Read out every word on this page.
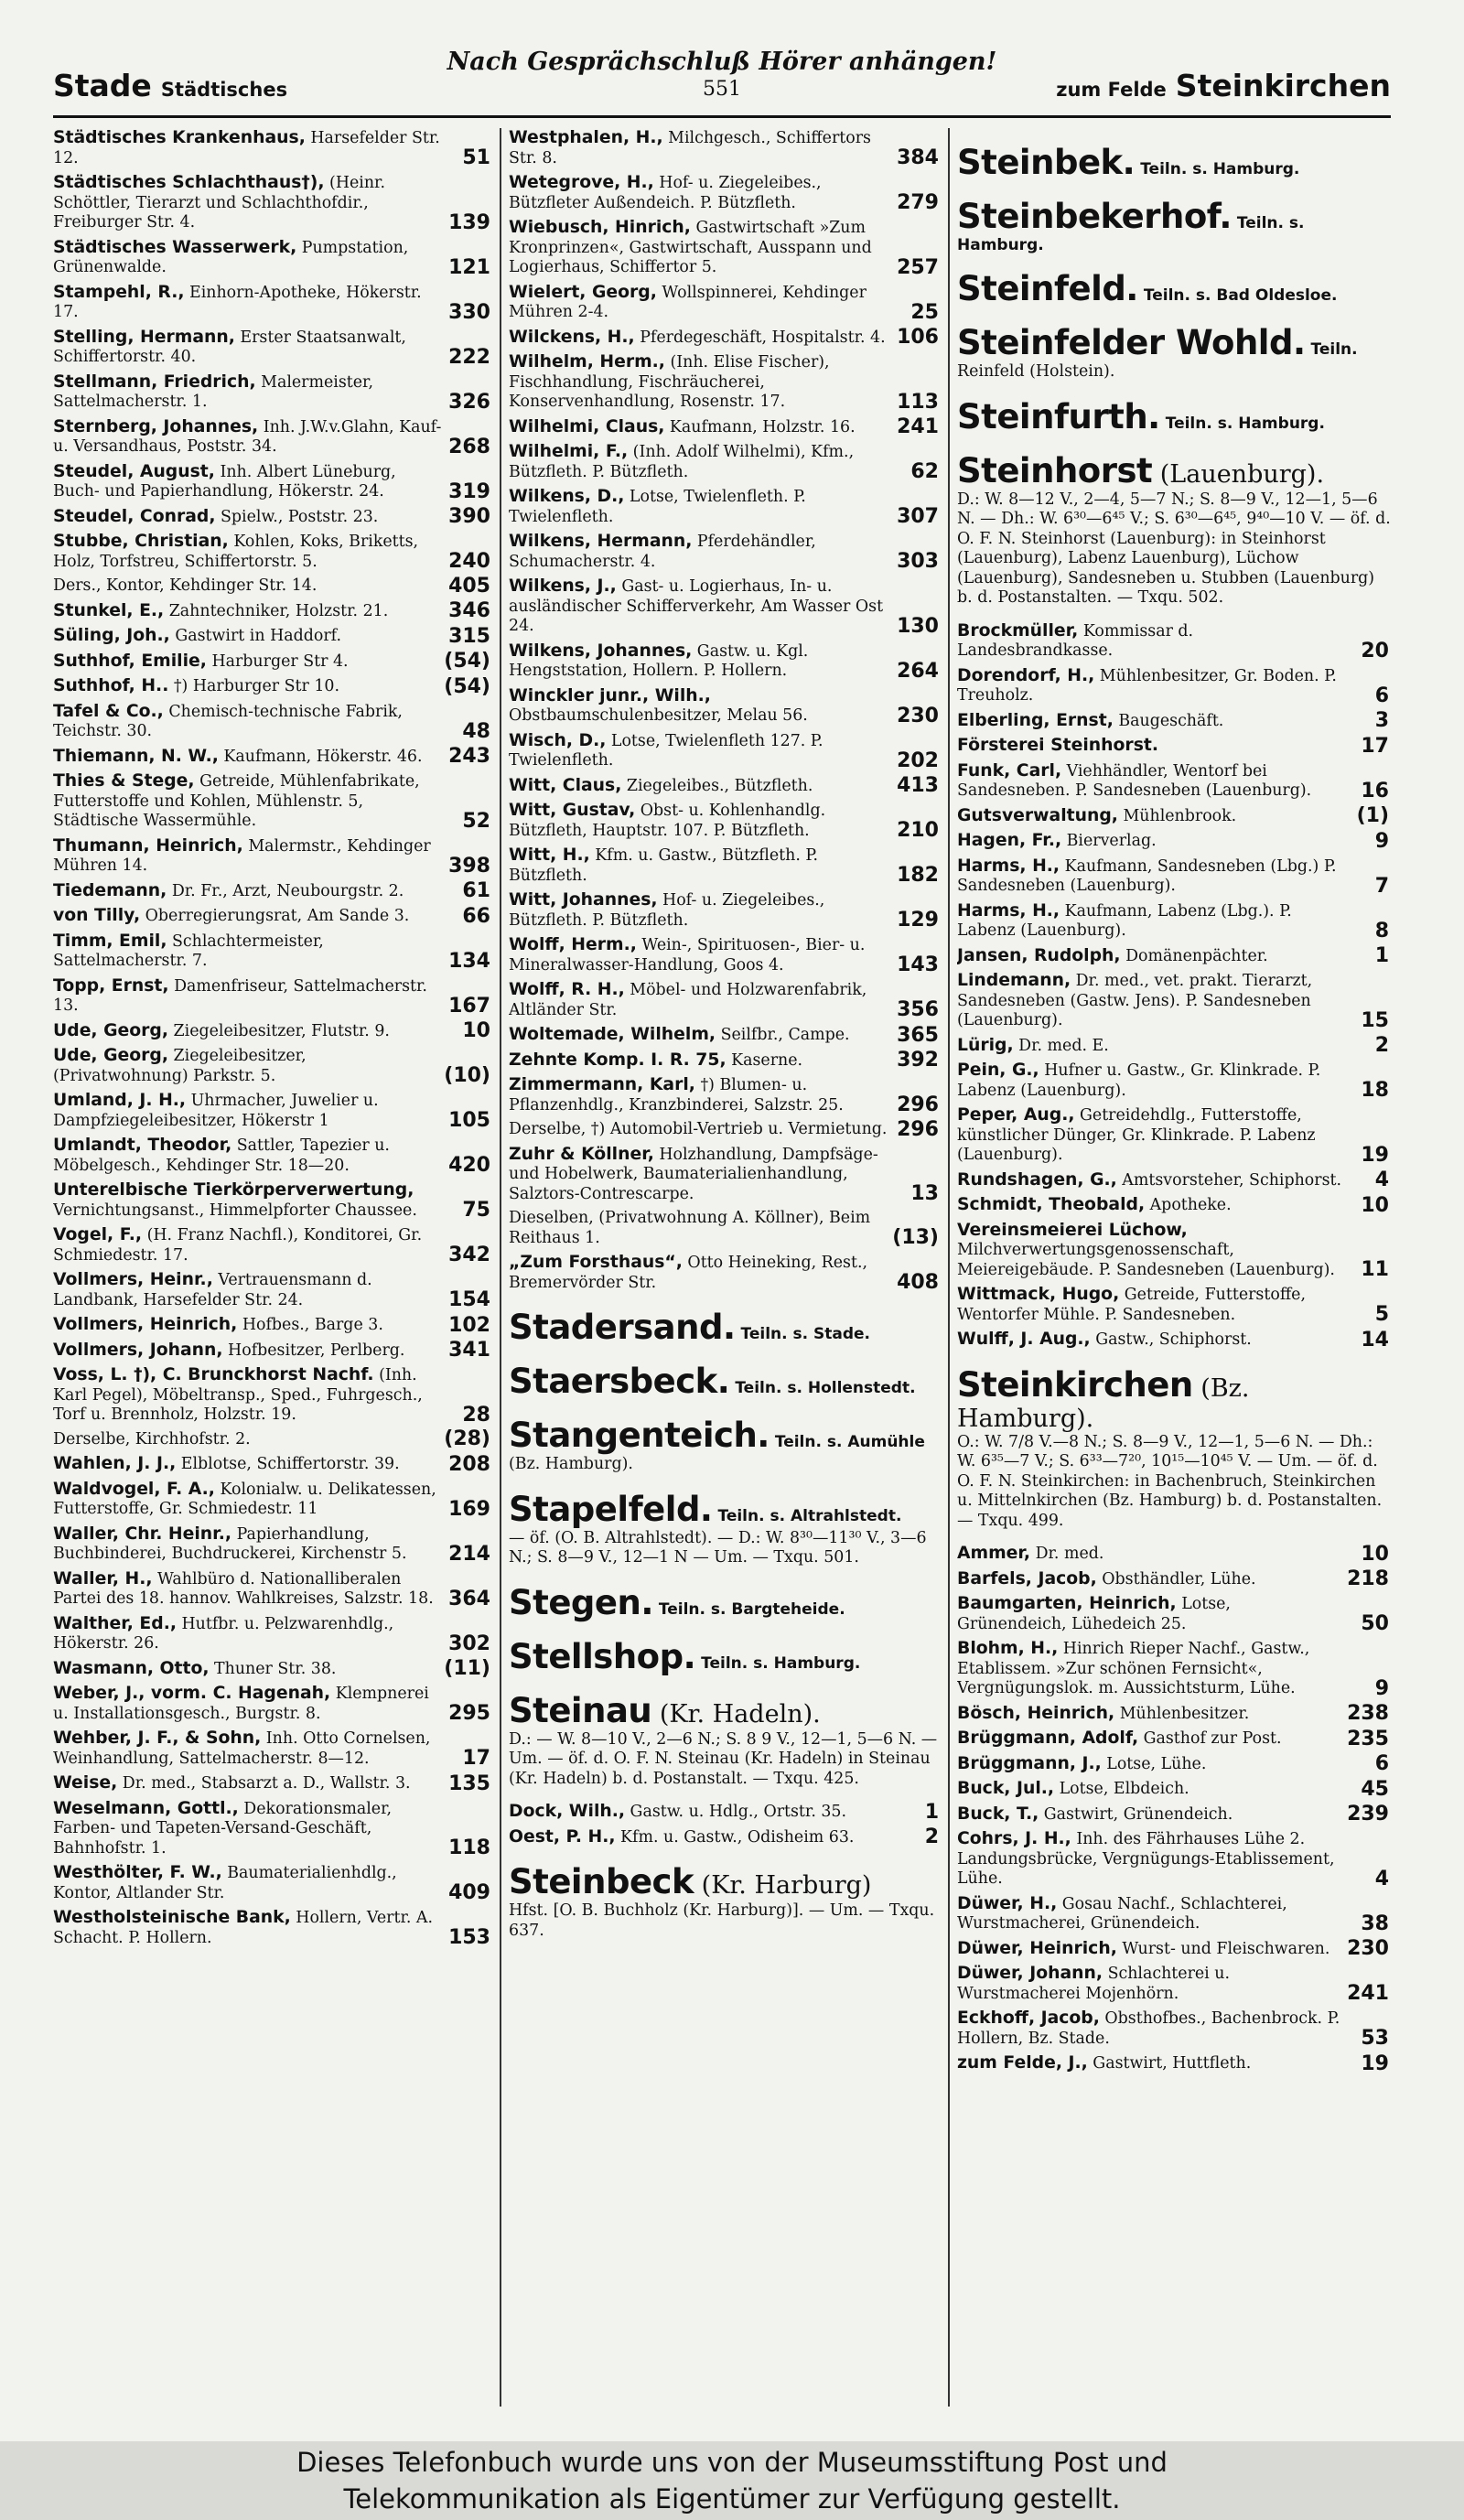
Stade Städtisches
Nach Gesprächschluß Hörer anhängen!
551	zum Felde Steinkirchen
Städtisches Krankenhaus, Harsefelder Str. 12.	51
Städtisches Schlachthaus†), (Heinr. Schöttler, Tierarzt und Schlachthofdir., Freiburger Str. 4.	139
Städtisches Wasserwerk, Pumpstation, Grünenwalde.	121
Stampehl, R., Einhorn-Apotheke, Hökerstr. 17.	330
Stelling, Hermann, Erster Staatsanwalt, Schiffertorstr. 40.	222
Stellmann, Friedrich, Malermeister, Sattelmacherstr. 1.	326
Sternberg, Johannes, Inh. J.W.v.Glahn, Kauf- u. Versandhaus, Poststr. 34.	268
Steudel, August, Inh. Albert Lüneburg, Buch- und Papierhandlung, Hökerstr. 24.	319
Steudel, Conrad, Spielw., Poststr. 23.	390
Stubbe, Christian, Kohlen, Koks, Briketts, Holz, Torfstreu, Schiffertorstr. 5.	240
Ders., Kontor, Kehdinger Str. 14.	405
Stunkel, E., Zahntechniker, Holzstr. 21.	346
Süling, Joh., Gastwirt in Haddorf.	315
Suthhof, Emilie, Harburger Str 4.	(54)
Suthhof, H.. †) Harburger Str 10.	(54)
Tafel & Co., Chemisch-technische Fabrik, Teichstr. 30.	48
Thiemann, N. W., Kaufmann, Hökerstr. 46. 243
Thies & Stege, Getreide, Mühlenfabrikate, Futterstoffe und Kohlen, Mühlenstr. 5, Städtische Wassermühle.	52
Thumann, Heinrich, Malermstr., Kehdinger Mühren 14.	398
Tiedemann, Dr. Fr., Arzt, Neubourgstr. 2.	61
von Tilly, Oberregierungsrat, Am Sande 3.	66
Timm, Emil, Schlachtermeister, Sattelmacherstr. 7.	134
Topp, Ernst, Damenfriseur, Sattelmacherstr. 13.	167
Ude, Georg, Ziegeleibesitzer, Flutstr. 9.	10
Ude, Georg, Ziegeleibesitzer, (Privatwohnung) Parkstr. 5.	(10)
Umland, J. H., Uhrmacher, Juwelier u. Dampfziegeleibesitzer, Hökerstr 1	105
Umlandt, Theodor, Sattler, Tapezier u. Möbelgesch., Kehdinger Str. 18—20.	420
Unterelbische Tierkörperverwertung, Vernichtungsanst., Himmelpforter Chaussee. 75
Vogel, F., (H. Franz Nachfl.), Konditorei, Gr. Schmiedestr. 17.	342
Vollmers, Heinr., Vertrauensmann d. Landbank, Harsefelder Str. 24.	154
Vollmers, Heinrich, Hofbes., Barge 3.	102
Vollmers, Johann, Hofbesitzer, Perlberg. 341
Voss, L. †), C. Brunckhorst Nachf. (Inh. Karl Pegel), Möbeltransp., Sped., Fuhrgesch., Torf u. Brennholz, Holzstr. 19.	28
Derselbe, Kirchhofstr. 2.	(28)
Wahlen, J. J., Elblotse, Schiffertorstr. 39. 208
Waldvogel, F. A., Kolonialw. u. Delikatessen, Futterstoffe, Gr. Schmiedestr. 11	169
Waller, Chr. Heinr., Papierhandlung, Buchbinderei, Buchdruckerei, Kirchenstr 5. 214
Waller, H., Wahlbüro d. Nationalliberalen Partei des 18. hannov. Wahlkreises, Salzstr. 18. 364
Walther, Ed., Hutfbr. u. Pelzwarenhdlg., Hökerstr. 26.	302
Wasmann, Otto, Thuner Str. 38.	(11)
Weber, J., vorm. C. Hagenah, Klempnerei u. Installationsgesch., Burgstr. 8.	295
Wehber, J. F., & Sohn, Inh. Otto Cornelsen, Weinhandlung, Sattelmacherstr. 8—12.	17
Weise, Dr. med., Stabsarzt a. D., Wallstr. 3. 135
Weselmann, Gottl., Dekorationsmaler, Farben- und Tapeten-Versand-Geschäft, Bahnhofstr. 1.	118
Westhölter, F. W., Baumaterialienhdlg., Kontor, Altlander Str.	409
Westholsteinische Bank, Hollern, Vertr. A. Schacht. P. Hollern.	153
Westphalen, H., Milchgesch., Schiffertors Str. 8.	384
Wetegrove, H., Hof- u. Ziegeleibes., Bützfleter Außendeich. P. Bützfleth.	279
Wiebusch, Hinrich, Gastwirtschaft »Zum Kronprinzen«, Gastwirtschaft, Ausspann und Logierhaus, Schiffertor 5.	257
Wielert, Georg, Wollspinnerei, Kehdinger Mühren 2-4.	25
Wilckens, H., Pferdegeschäft, Hospitalstr. 4. 106
Wilhelm, Herm., (Inh. Elise Fischer), Fischhandlung, Fischräucherei, Konservenhandlung, Rosenstr. 17.	113
Wilhelmi, Claus, Kaufmann, Holzstr. 16. 241
Wilhelmi, F., (Inh. Adolf Wilhelmi), Kfm., Bützfleth. P. Bützfleth.	62
Wilkens, D., Lotse, Twielenfleth. P. Twielenfleth.	307
Wilkens, Hermann, Pferdehändler, Schumacherstr. 4.	303
Wilkens, J., Gast- u. Logierhaus, In- u. ausländischer Schifferverkehr, Am Wasser Ost 24.	130
Wilkens, Johannes, Gastw. u. Kgl. Hengststation, Hollern. P. Hollern.	264
Winckler junr., Wilh., Obstbaumschulenbesitzer, Melau 56.	230
Wisch, D., Lotse, Twielenfleth 127. P. Twielenfleth.	202
Witt, Claus, Ziegeleibes., Bützfleth.	413
Witt, Gustav, Obst- u. Kohlenhandlg. Bützfleth, Hauptstr. 107. P. Bützfleth.	210
Witt, H., Kfm. u. Gastw., Bützfleth. P. Bützfleth.	182
Witt, Johannes, Hof- u. Ziegeleibes., Bützfleth. P. Bützfleth.	129
Wolff, Herm., Wein-, Spirituosen-, Bier- u. Mineralwasser-Handlung, Goos 4.	143
Wolff, R. H., Möbel- und Holzwarenfabrik, Altländer Str.	356
Woltemade, Wilhelm, Seilfbr., Campe. 365
Zehnte Komp. I. R. 75, Kaserne.	392
Zimmermann, Karl, †) Blumen- u. Pflanzenhdlg., Kranzbinderei, Salzstr. 25.	296
Derselbe, †) Automobil-Vertrieb u. Vermietung. 296
Zuhr & Köllner, Holzhandlung, Dampfsäge- und Hobelwerk, Baumaterialienhandlung, Salztors-Contrescarpe.	13
Dieselben, (Privatwohnung A. Köllner), Beim Reithaus 1.	(13)
„Zum Forsthaus“, Otto Heineking, Rest., Bremervörder Str.	408
Stadersand. Teiln. s. Stade.
Staersbeck. Teiln. s. Hollenstedt.
Stangenteich. Teiln. s. Aumühle
(Bz. Hamburg).
Stapelfeld. Teiln. s. Altrahlstedt.
— öf. (O. B. Altrahlstedt). — D.: W. 8³⁰—11³⁰ V., 3—6 N.; S. 8—9 V., 12—1 N — Um. — Txqu. 501.
Stegen. Teiln. s. Bargteheide.
Stellshop. Teiln. s. Hamburg.
Steinau (Kr. Hadeln).
D.: — W. 8—10 V., 2—6 N.; S. 8 9 V., 12—1, 5—6 N. — Um. — öf. d. O. F. N. Steinau (Kr. Hadeln) in Steinau (Kr. Hadeln) b. d. Postanstalt. — Txqu. 425.
Dock, Wilh., Gastw. u. Hdlg., Ortstr. 35.	1
Oest, P. H., Kfm. u. Gastw., Odisheim 63.	2
Steinbeck (Kr. Harburg)
Hfst. [O. B. Buchholz (Kr. Harburg)]. — Um. — Txqu. 637.
Steinbek. Teiln. s. Hamburg.
Steinbekerhof. Teiln. s. Hamburg.
Steinfeld. Teiln. s. Bad Oldesloe.
Steinfelder Wohld. Teiln.
Reinfeld (Holstein).
Steinfurth. Teiln. s. Hamburg.
Steinhorst (Lauenburg).
D.: W. 8—12 V., 2—4, 5—7 N.; S. 8—9 V., 12—1, 5—6 N. — Dh.: W. 6³⁰—6⁴⁵ V.; S. 6³⁰—6⁴⁵, 9⁴⁰—10 V. — öf. d. O. F. N. Steinhorst (Lauenburg): in Steinhorst (Lauenburg), Labenz Lauenburg), Lüchow (Lauenburg), Sandesneben u. Stubben (Lauenburg) b. d. Postanstalten. — Txqu. 502.
Brockmüller, Kommissar d. Landesbrandkasse.	20
Dorendorf, H., Mühlenbesitzer, Gr. Boden. P. Treuholz.	6
Elberling, Ernst, Baugeschäft.	3
Försterei Steinhorst.	17
Funk, Carl, Viehhändler, Wentorf bei Sandesneben. P. Sandesneben (Lauenburg). 16
Gutsverwaltung, Mühlenbrook.	(1)
Hagen, Fr., Bierverlag.	9
Harms, H., Kaufmann, Sandesneben (Lbg.) P. Sandesneben (Lauenburg).	7
Harms, H., Kaufmann, Labenz (Lbg.). P. Labenz (Lauenburg).	8
Jansen, Rudolph, Domänenpächter.	1
Lindemann, Dr. med., vet. prakt. Tierarzt, Sandesneben (Gastw. Jens). P. Sandesneben (Lauenburg).	15
Lürig, Dr. med. E.	2
Pein, G., Hufner u. Gastw., Gr. Klinkrade. P. Labenz (Lauenburg).	18
Peper, Aug., Getreidehdlg., Futterstoffe, künstlicher Dünger, Gr. Klinkrade. P. Labenz (Lauenburg).	19
Rundshagen, G., Amtsvorsteher, Schiphorst. 4
Schmidt, Theobald, Apotheke.	10
Vereinsmeierei Lüchow, Milchverwertungsgenossenschaft, Meiereigebäude. P. Sandesneben (Lauenburg). 11
Wittmack, Hugo, Getreide, Futterstoffe, Wentorfer Mühle. P. Sandesneben.	5
Wulff, J. Aug., Gastw., Schiphorst.	14
Steinkirchen (Bz. Hamburg).
O.: W. 7/8 V.—8 N.; S. 8—9 V., 12—1, 5—6 N. — Dh.: W. 6³⁵—7 V.; S. 6³³—7²⁰, 10¹⁵—10⁴⁵ V. — Um. — öf. d. O. F. N. Steinkirchen: in Bachenbruch, Steinkirchen u. Mittelnkirchen (Bz. Hamburg) b. d. Postanstalten. — Txqu. 499.
Ammer, Dr. med.	10
Barfels, Jacob, Obsthändler, Lühe.	218
Baumgarten, Heinrich, Lotse, Grünendeich, Lühedeich 25.	50
Blohm, H., Hinrich Rieper Nachf., Gastw., Etablissem. »Zur schönen Fernsicht«, Vergnügungslok. m. Aussichtsturm, Lühe.	9
Bösch, Heinrich, Mühlenbesitzer.	238
Brüggmann, Adolf, Gasthof zur Post.	235
Brüggmann, J., Lotse, Lühe.	6
Buck, Jul., Lotse, Elbdeich.	45
Buck, T., Gastwirt, Grünendeich.	239
Cohrs, J. H., Inh. des Fährhauses Lühe 2. Landungsbrücke, Vergnügungs-Etablissement, Lühe.	4
Düwer, H., Gosau Nachf., Schlachterei, Wurstmacherei, Grünendeich.	38
Düwer, Heinrich, Wurst- und Fleischwaren. 230
Düwer, Johann, Schlachterei u. Wurstmacherei Mojenhörn.	241
Eckhoff, Jacob, Obsthofbes., Bachenbrock. P. Hollern, Bz. Stade.	53
zum Felde, J., Gastwirt, Huttfleth.	19
Dieses Telefonbuch wurde uns von der Museumsstiftung Post und
Telekommunikation als Eigentümer zur Verfügung gestellt.
